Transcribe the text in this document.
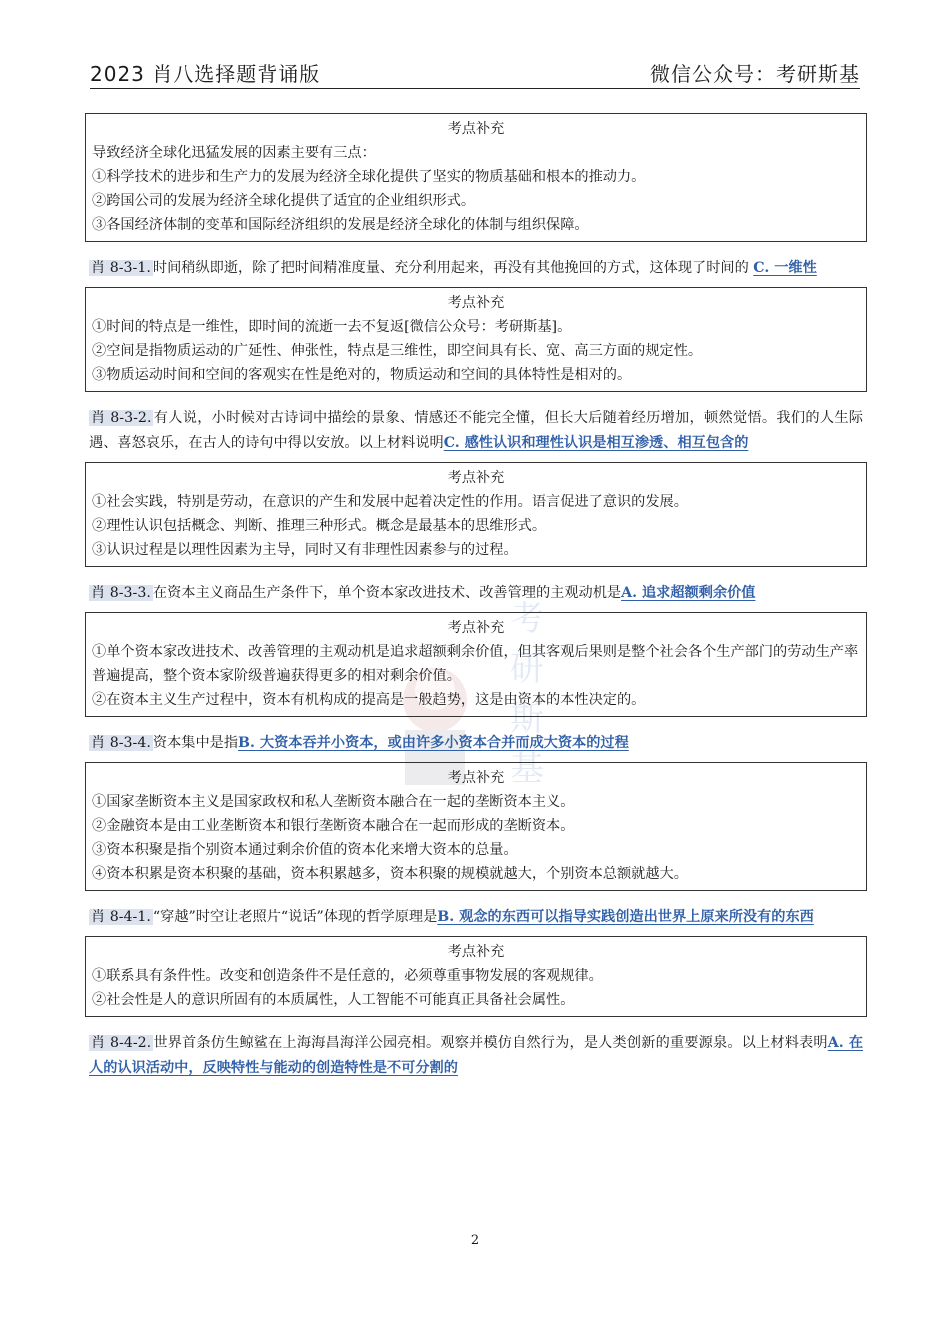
2023 肖八选择题背诵版	微信公众号：考研斯基
考
研
斯
基
考点补充

导致经济全球化迅猛发展的因素主要有三点：

①科学技术的进步和生产力的发展为经济全球化提供了坚实的物质基础和根本的推动力。

②跨国公司的发展为经济全球化提供了适宜的企业组织形式。

③各国经济体制的变革和国际经济组织的发展是经济全球化的体制与组织保障。

肖 8-3-1. 时间稍纵即逝，除了把时间精准度量、充分利用起来，再没有其他挽回的方式，这体现了时间的 C. 一维性

考点补充

①时间的特点是一维性，即时间的流逝一去不复返[微信公众号：考研斯基]。

②空间是指物质运动的广延性、伸张性，特点是三维性，即空间具有长、宽、高三方面的规定性。

③物质运动时间和空间的客观实在性是绝对的，物质运动和空间的具体特性是相对的。

肖 8-3-2. 有人说，小时候对古诗词中描绘的景象、情感还不能完全懂，但长大后随着经历增加，顿然觉悟。我们的人生际遇、喜怒哀乐，在古人的诗句中得以安放。以上材料说明C. 感性认识和理性认识是相互渗透、相互包含的

考点补充

①社会实践，特别是劳动，在意识的产生和发展中起着决定性的作用。语言促进了意识的发展。

②理性认识包括概念、判断、推理三种形式。概念是最基本的思维形式。

③认识过程是以理性因素为主导，同时又有非理性因素参与的过程。

肖 8-3-3. 在资本主义商品生产条件下，单个资本家改进技术、改善管理的主观动机是A. 追求超额剩余价值

考点补充

①单个资本家改进技术、改善管理的主观动机是追求超额剩余价值，但其客观后果则是整个社会各个生产部门的劳动生产率普遍提高，整个资本家阶级普遍获得更多的相对剩余价值。

②在资本主义生产过程中，资本有机构成的提高是一般趋势，这是由资本的本性决定的。

肖 8-3-4. 资本集中是指B. 大资本吞并小资本，或由许多小资本合并而成大资本的过程

考点补充

①国家垄断资本主义是国家政权和私人垄断资本融合在一起的垄断资本主义。

②金融资本是由工业垄断资本和银行垄断资本融合在一起而形成的垄断资本。

③资本积聚是指个别资本通过剩余价值的资本化来增大资本的总量。

④资本积累是资本积聚的基础，资本积累越多，资本积聚的规模就越大，个别资本总额就越大。

肖 8-4-1. “穿越”时空让老照片“说话”体现的哲学原理是B. 观念的东西可以指导实践创造出世界上原来所没有的东西

考点补充

①联系具有条件性。改变和创造条件不是任意的，必须尊重事物发展的客观规律。

②社会性是人的意识所固有的本质属性，人工智能不可能真正具备社会属性。

肖 8-4-2. 世界首条仿生鲸鲨在上海海昌海洋公园亮相。观察并模仿自然行为，是人类创新的重要源泉。以上材料表明A. 在人的认识活动中，反映特性与能动的创造特性是不可分割的

2
